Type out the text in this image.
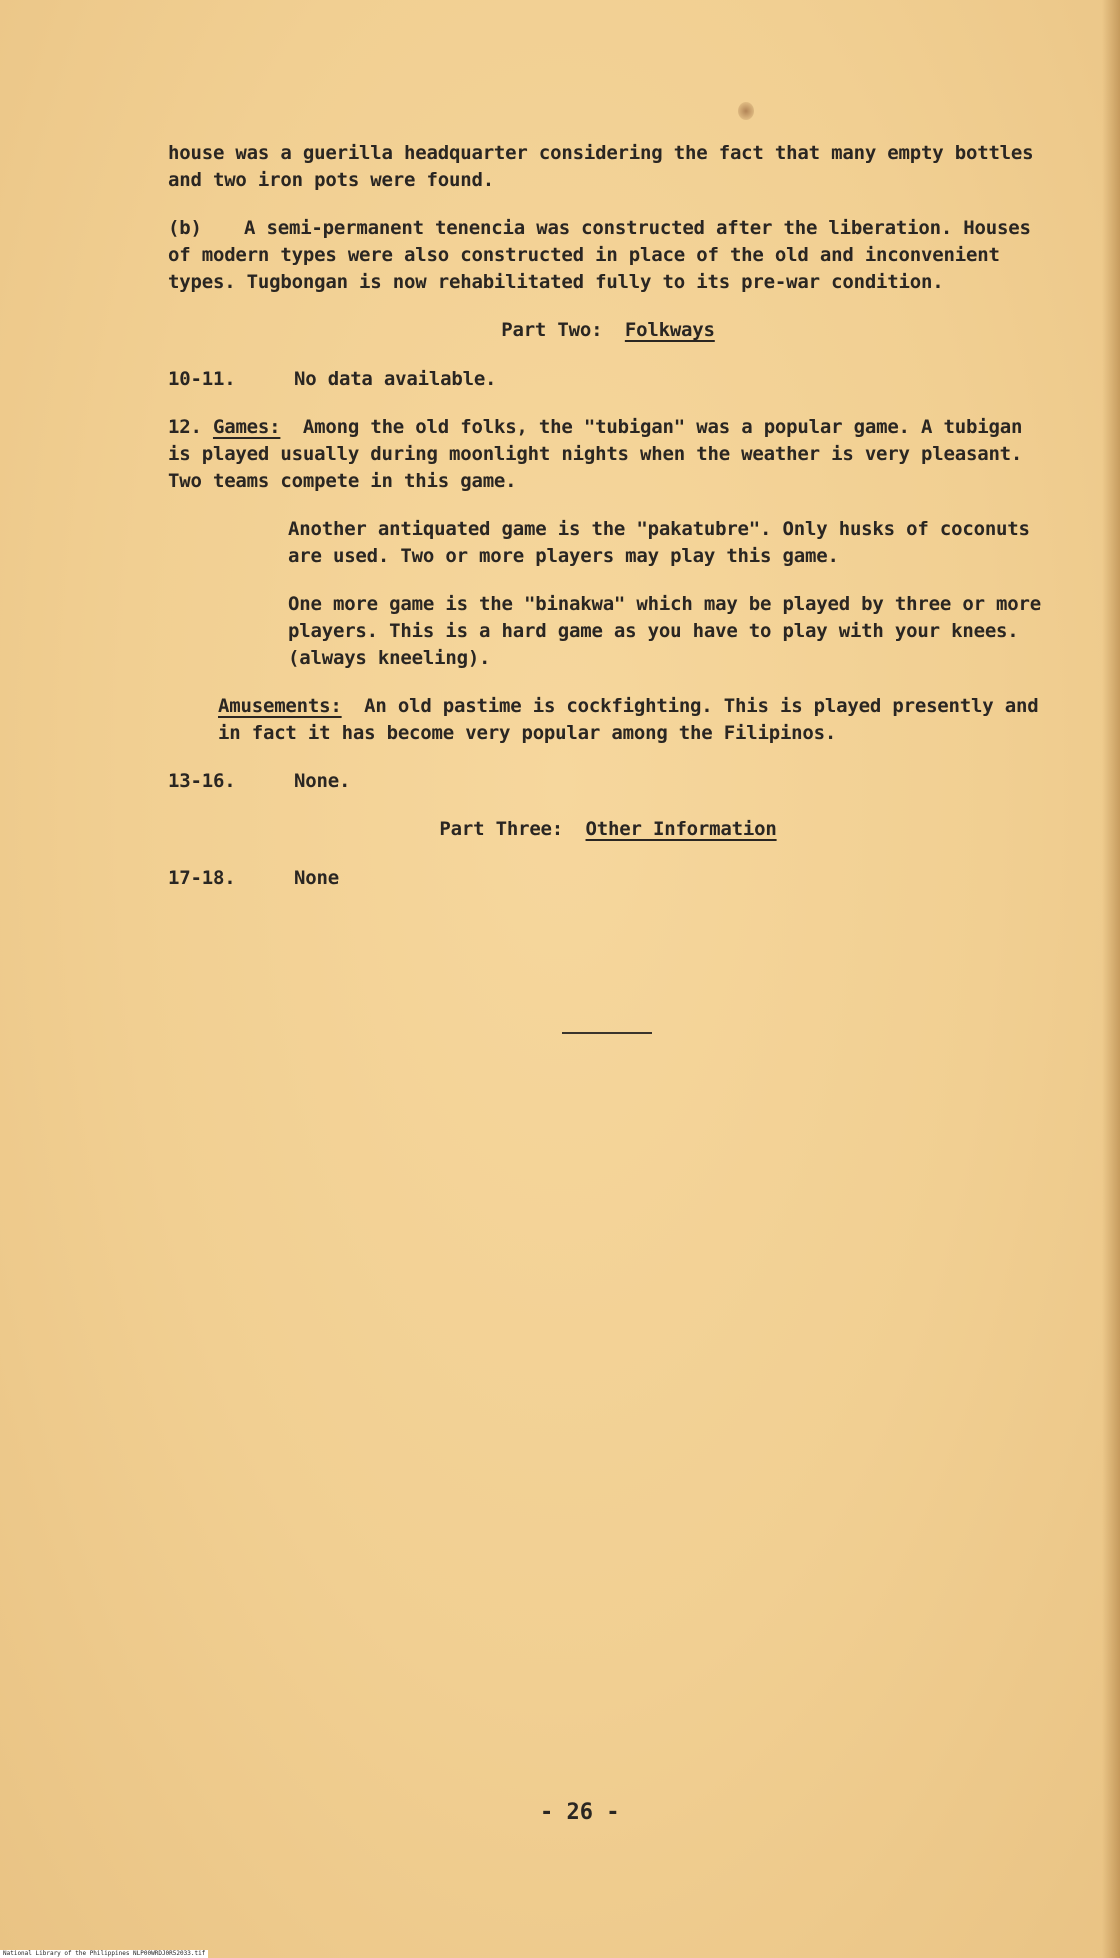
house was a guerilla headquarter considering the fact that many empty bottles and two iron pots were found.

(b) A semi-permanent tenencia was constructed after the liberation. Houses of modern types were also constructed in place of the old and inconvenient types. Tugbongan is now rehabilitated fully to its pre-war condition.

Part Two: Folkways

10-11.	No data available.

12. Games: Among the old folks, the "tubigan" was a popular game. A tubigan is played usually during moonlight nights when the weather is very pleasant. Two teams compete in this game.

Another antiquated game is the "pakatubre". Only husks of coconuts are used. Two or more players may play this game.

One more game is the "binakwa" which may be played by three or more players. This is a hard game as you have to play with your knees. (always kneeling).

Amusements: An old pastime is cockfighting. This is played presently and in fact it has become very popular among the Filipinos.

13-16.	None.

Part Three: Other Information

17-18.	None

- 26 -
National Library of the Philippines NLP00WRDJ0R52033.tif
